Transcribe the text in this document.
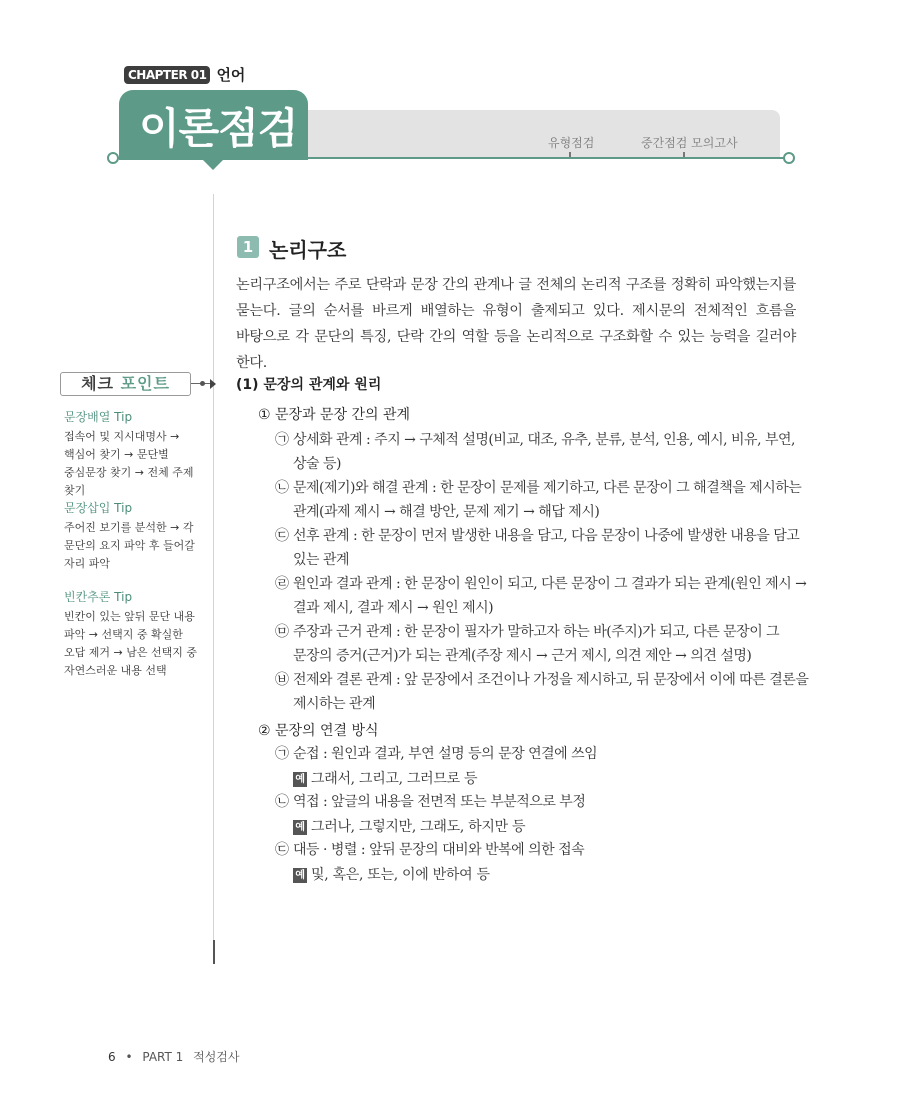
CHAPTER 01 언어
유형점검	중간점검 모의고사
이론점검
체크 포인트
문장배열 Tip
접속어 및 지시대명사 → 핵심어 찾기 → 문단별 중심문장 찾기 → 전체 주제 찾기
문장삽입 Tip
주어진 보기를 분석한 → 각 문단의 요지 파악 후 들어갈 자리 파악
빈칸추론 Tip
빈칸이 있는 앞뒤 문단 내용 파악 → 선택지 중 확실한 오답 제거 → 남은 선택지 중 자연스러운 내용 선택
1 논리구조
논리구조에서는 주로 단락과 문장 간의 관계나 글 전체의 논리적 구조를 정확히 파악했는지를 묻는다. 글의 순서를 바르게 배열하는 유형이 출제되고 있다. 제시문의 전체적인 흐름을 바탕으로 각 문단의 특징, 단락 간의 역할 등을 논리적으로 구조화할 수 있는 능력을 길러야 한다.
(1) 문장의 관계와 원리
① 문장과 문장 간의 관계
㉠ 상세화 관계 : 주지 → 구체적 설명(비교, 대조, 유추, 분류, 분석, 인용, 예시, 비유, 부연, 상술 등)
㉡ 문제(제기)와 해결 관계 : 한 문장이 문제를 제기하고, 다른 문장이 그 해결책을 제시하는 관계(과제 제시 → 해결 방안, 문제 제기 → 해답 제시)
㉢ 선후 관계 : 한 문장이 먼저 발생한 내용을 담고, 다음 문장이 나중에 발생한 내용을 담고 있는 관계
㉣ 원인과 결과 관계 : 한 문장이 원인이 되고, 다른 문장이 그 결과가 되는 관계(원인 제시 → 결과 제시, 결과 제시 → 원인 제시)
㉤ 주장과 근거 관계 : 한 문장이 필자가 말하고자 하는 바(주지)가 되고, 다른 문장이 그 문장의 증거(근거)가 되는 관계(주장 제시 → 근거 제시, 의견 제안 → 의견 설명)
㉥ 전제와 결론 관계 : 앞 문장에서 조건이나 가정을 제시하고, 뒤 문장에서 이에 따른 결론을 제시하는 관계
② 문장의 연결 방식
㉠ 순접 : 원인과 결과, 부연 설명 등의 문장 연결에 쓰임
예 그래서, 그리고, 그러므로 등
㉡ 역접 : 앞글의 내용을 전면적 또는 부분적으로 부정
예 그러나, 그렇지만, 그래도, 하지만 등
㉢ 대등 · 병렬 : 앞뒤 문장의 대비와 반복에 의한 접속
예 및, 혹은, 또는, 이에 반하여 등
6 • PART 1 적성검사
